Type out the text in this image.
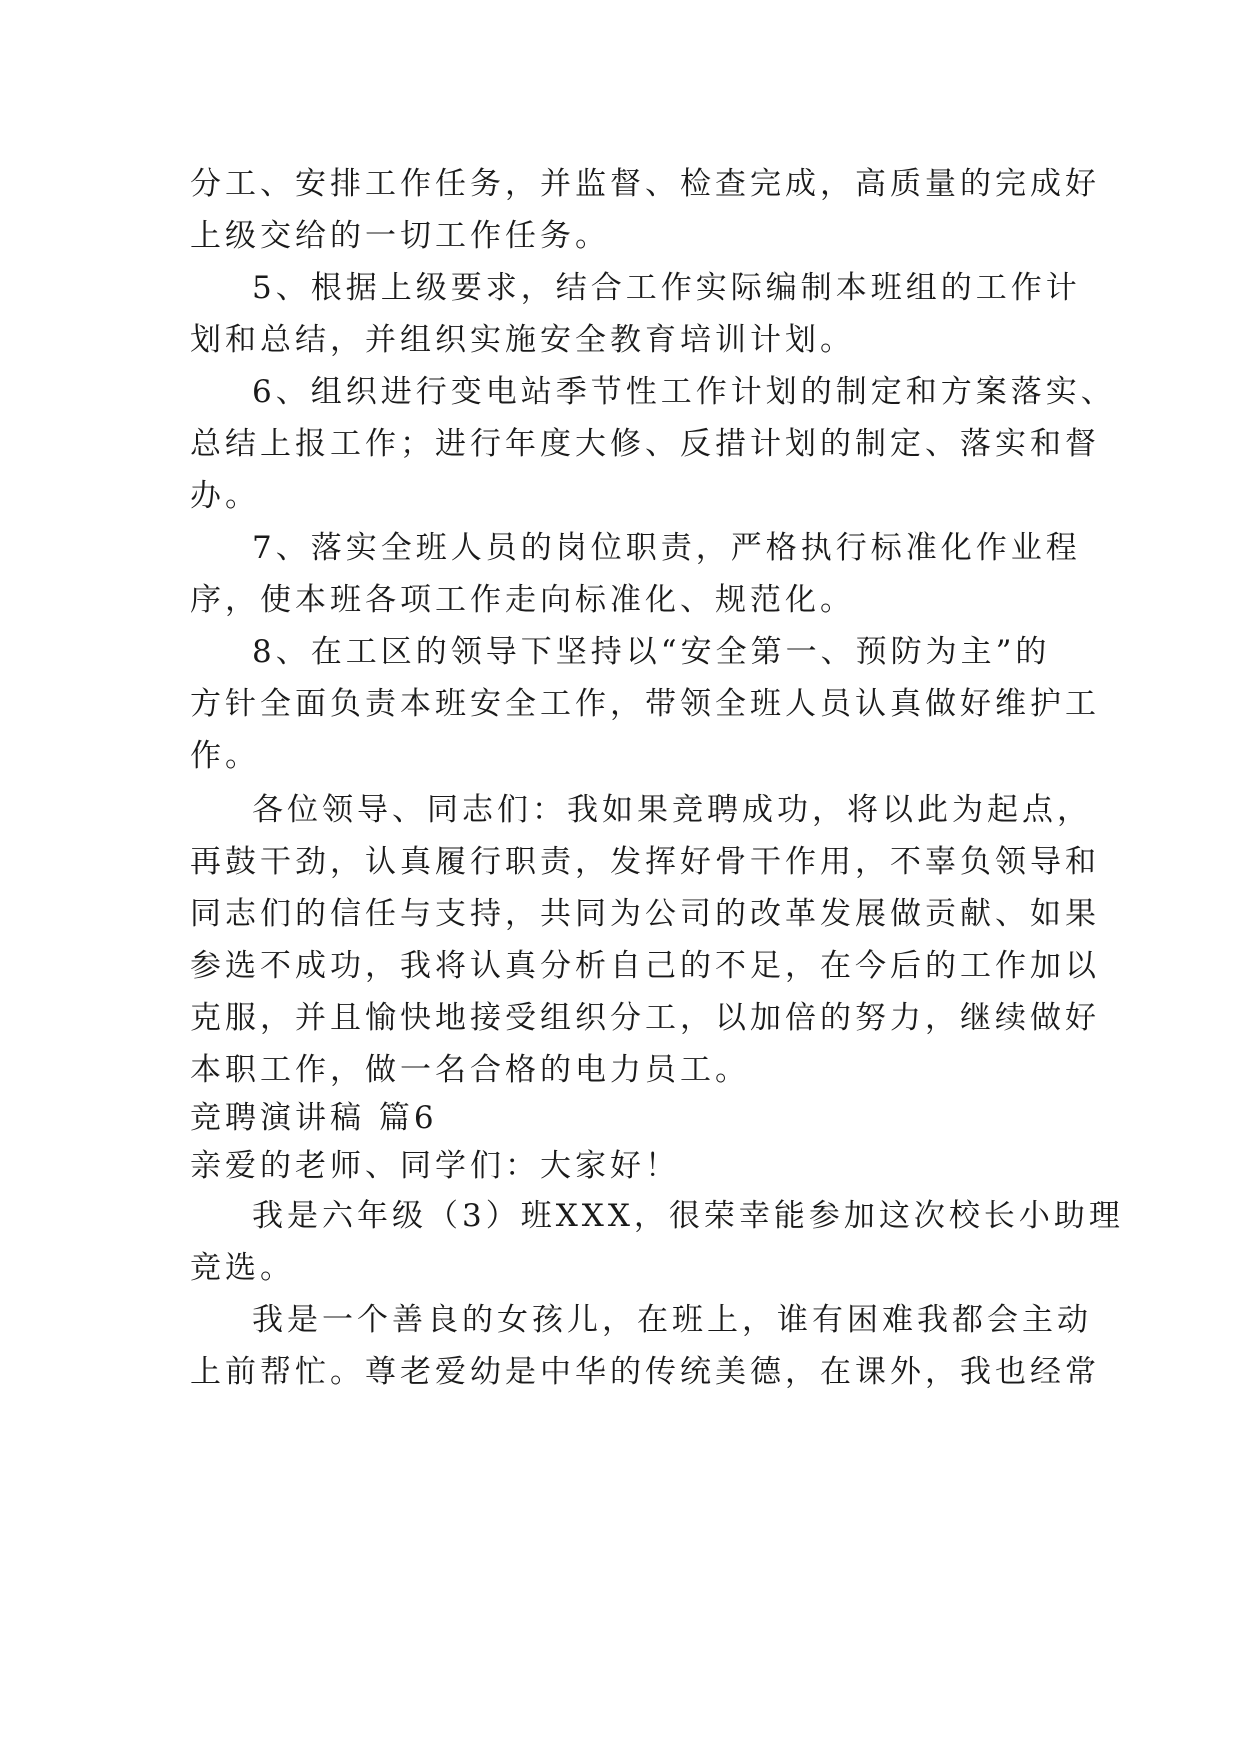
分工、安排工作任务，并监督、检查完成，高质量的完成好
上级交给的一切工作任务。
5、根据上级要求，结合工作实际编制本班组的工作计
划和总结，并组织实施安全教育培训计划。
6、组织进行变电站季节性工作计划的制定和方案落实、
总结上报工作；进行年度大修、反措计划的制定、落实和督
办。
7、落实全班人员的岗位职责，严格执行标准化作业程
序，使本班各项工作走向标准化、规范化。
8、在工区的领导下坚持以“安全第一、预防为主”的
方针全面负责本班安全工作，带领全班人员认真做好维护工
作。
各位领导、同志们：我如果竞聘成功，将以此为起点，
再鼓干劲，认真履行职责，发挥好骨干作用，不辜负领导和
同志们的信任与支持，共同为公司的改革发展做贡献、如果
参选不成功，我将认真分析自己的不足，在今后的工作加以
克服，并且愉快地接受组织分工，以加倍的努力，继续做好
本职工作，做一名合格的电力员工。
竞聘演讲稿 篇6
亲爱的老师、同学们：大家好！
我是六年级（3）班XXX，很荣幸能参加这次校长小助理
竞选。
我是一个善良的女孩儿，在班上，谁有困难我都会主动
上前帮忙。尊老爱幼是中华的传统美德，在课外，我也经常
